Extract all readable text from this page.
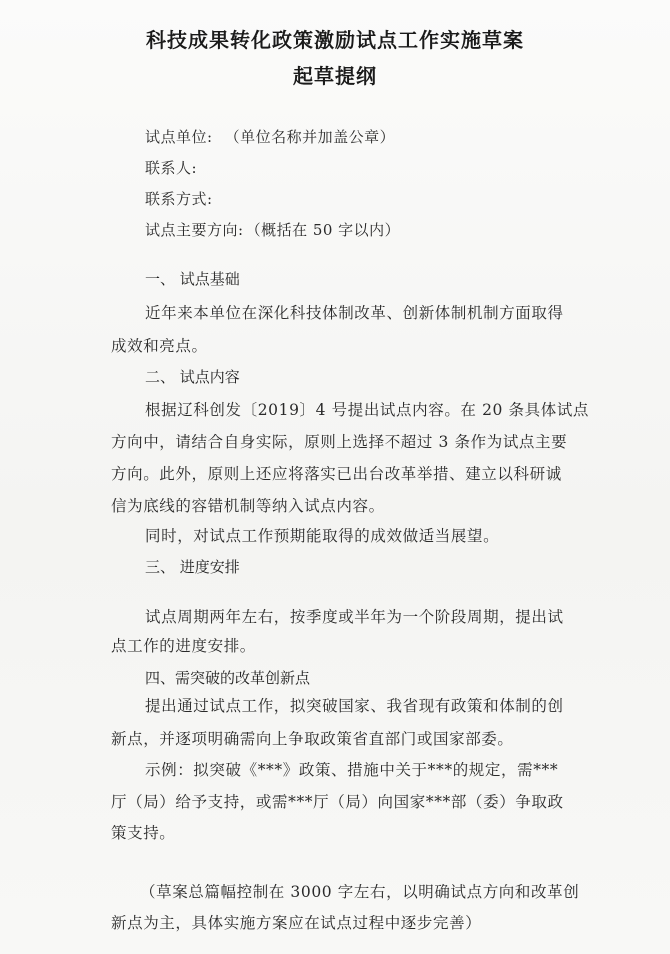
科技成果转化政策激励试点工作实施草案
起草提纲
试点单位: （单位名称并加盖公章）
联系人:
联系方式:
试点主要方向: （概括在 50 字以内）
一、 试点基础
近年来本单位在深化科技体制改革、创新体制机制方面取得
成效和亮点。
二、 试点内容
根据辽科创发〔2019〕4 号提出试点内容。在 20 条具体试点
方向中，请结合自身实际，原则上选择不超过 3 条作为试点主要
方向。此外，原则上还应将落实已出台改革举措、建立以科研诚
信为底线的容错机制等纳入试点内容。
同时，对试点工作预期能取得的成效做适当展望。
三、 进度安排
试点周期两年左右，按季度或半年为一个阶段周期，提出试
点工作的进度安排。
四、需突破的改革创新点
提出通过试点工作，拟突破国家、我省现有政策和体制的创
新点，并逐项明确需向上争取政策省直部门或国家部委。
示例：拟突破《***》政策、措施中关于***的规定，需***
厅（局）给予支持，或需***厅（局）向国家***部（委）争取政
策支持。
（草案总篇幅控制在 3000 字左右，以明确试点方向和改革创
新点为主，具体实施方案应在试点过程中逐步完善）
